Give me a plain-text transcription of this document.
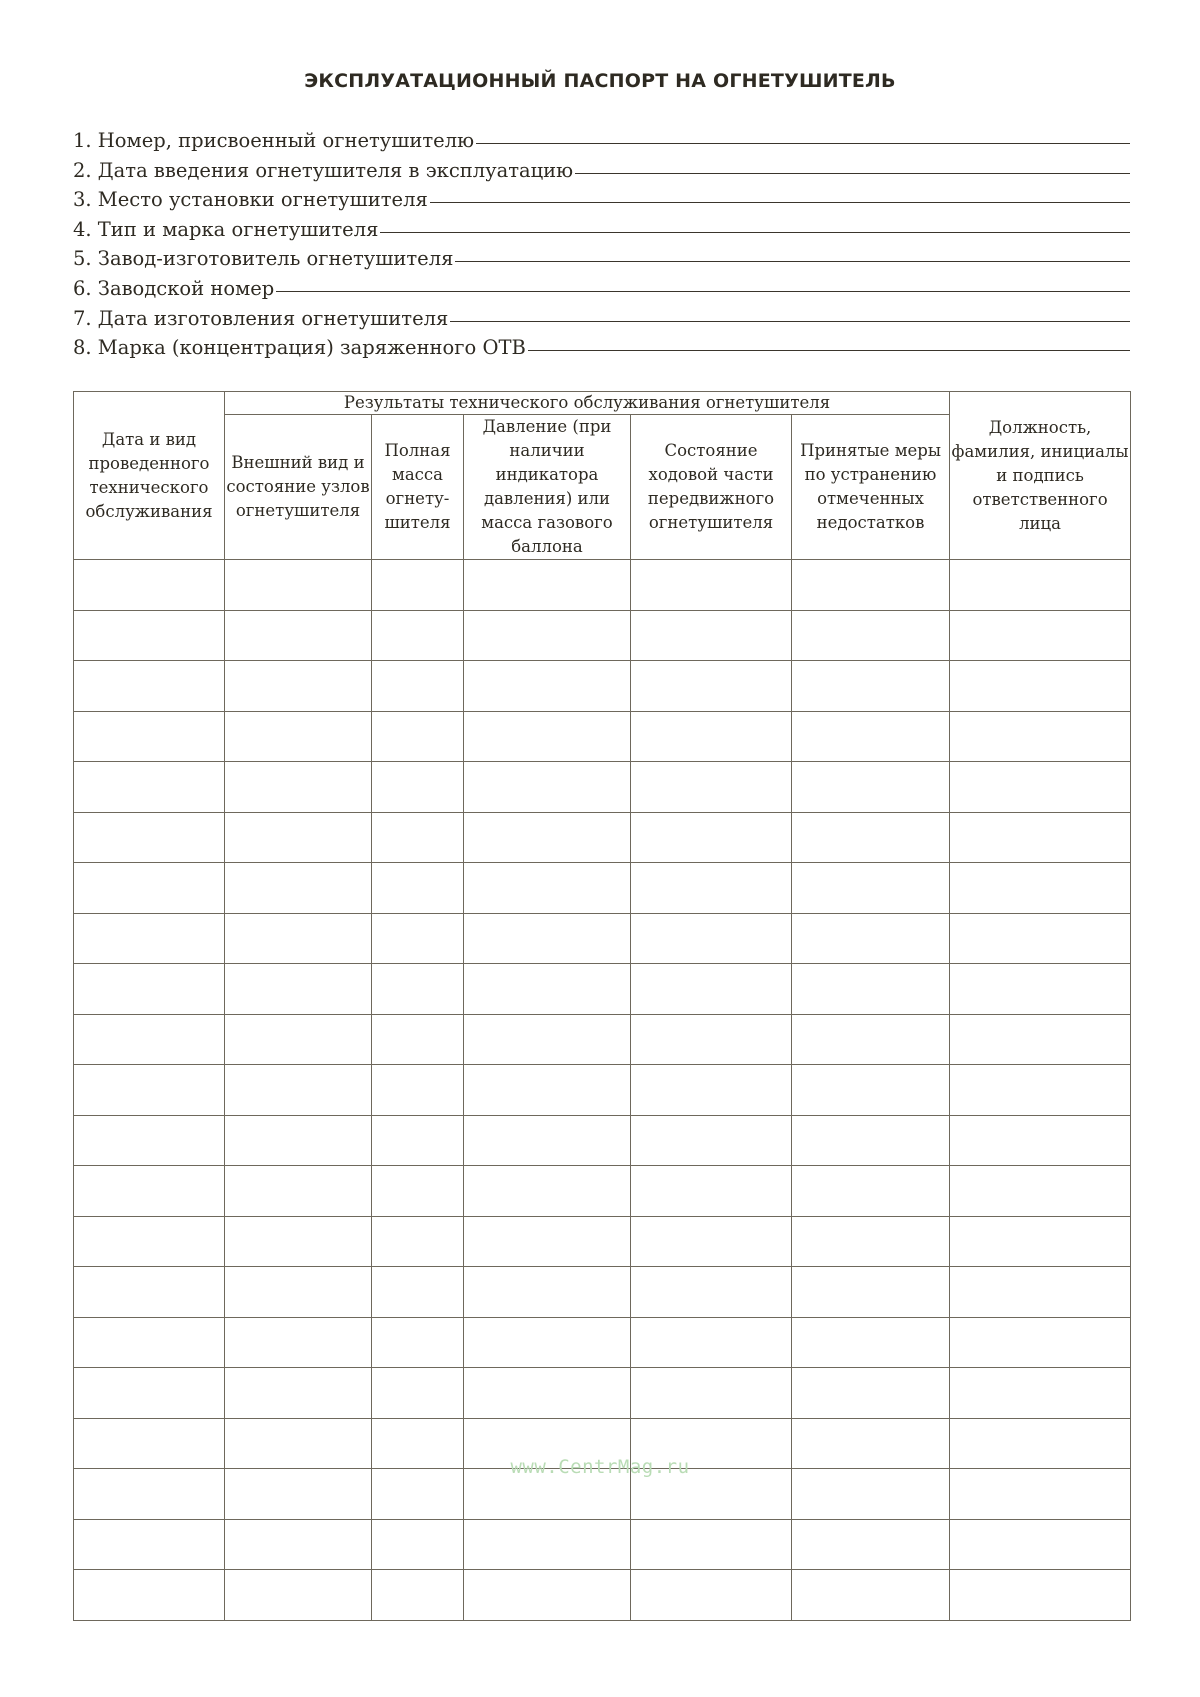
ЭКСПЛУАТАЦИОННЫЙ ПАСПОРТ НА ОГНЕТУШИТЕЛЬ
1. Номер, присвоенный огнетушителю
2. Дата введения огнетушителя в эксплуатацию
3. Место установки огнетушителя
4. Тип и марка огнетушителя
5. Завод-изготовитель огнетушителя
6. Заводской номер
7. Дата изготовления огнетушителя
8. Марка (концентрация) заряженного ОТВ
Дата и вид проведенного технического обслуживания	Результаты технического обслуживания огнетушителя					Должность, фамилия, инициалы и подпись ответственного лица
	Внешний вид и состояние узлов огнетушителя	Полная масса огнету-шителя	Давление (при наличии индикатора давления) или масса газового баллона	Состояние ходовой части передвижного огнетушителя	Принятые меры по устранению отмеченных недостатков	

www.CentrMag.ru
